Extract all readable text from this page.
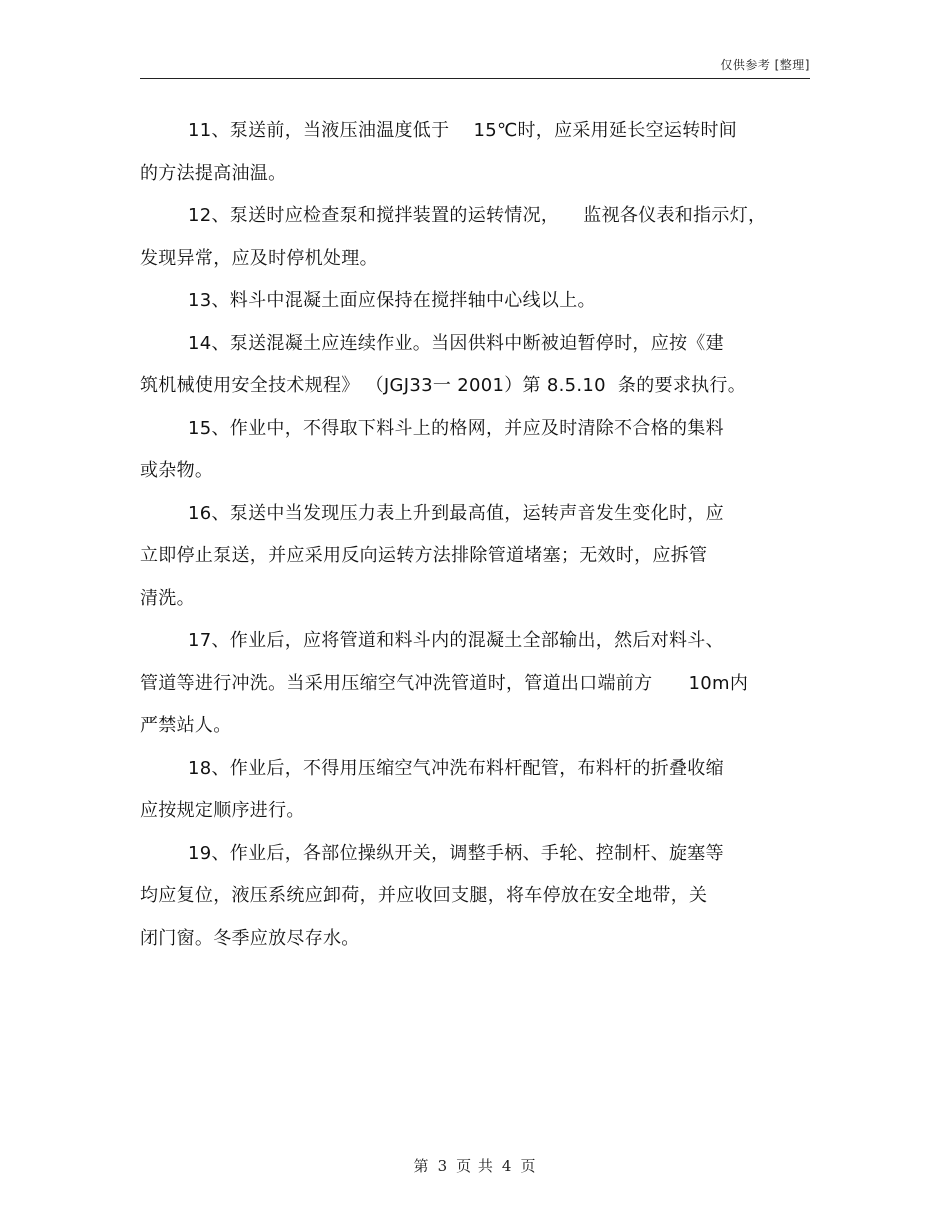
仅供参考 [整理]

11、泵送前，当液压油温度低于    15℃时，应采用延长空运转时间
的方法提高油温。

12、泵送时应检查泵和搅拌装置的运转情况，    监视各仪表和指示灯，
发现异常，应及时停机处理。

13、料斗中混凝土面应保持在搅拌轴中心线以上。

14、泵送混凝土应连续作业。当因供料中断被迫暂停时，应按《建
筑机械使用安全技术规程》 （JGJ33一 2001）第 8.5.10  条的要求执行。

15、作业中，不得取下料斗上的格网，并应及时清除不合格的集料
或杂物。

16、泵送中当发现压力表上升到最高值，运转声音发生变化时，应
立即停止泵送，并应采用反向运转方法排除管道堵塞；无效时，应拆管
清洗。

17、作业后，应将管道和料斗内的混凝土全部输出，然后对料斗、
管道等进行冲洗。当采用压缩空气冲洗管道时，管道出口端前方      10m内
严禁站人。

18、作业后，不得用压缩空气冲洗布料杆配管，布料杆的折叠收缩
应按规定顺序进行。

19、作业后，各部位操纵开关，调整手柄、手轮、控制杆、旋塞等
均应复位，液压系统应卸荷，并应收回支腿，将车停放在安全地带，关
闭门窗。冬季应放尽存水。

第 3 页 共 4 页
